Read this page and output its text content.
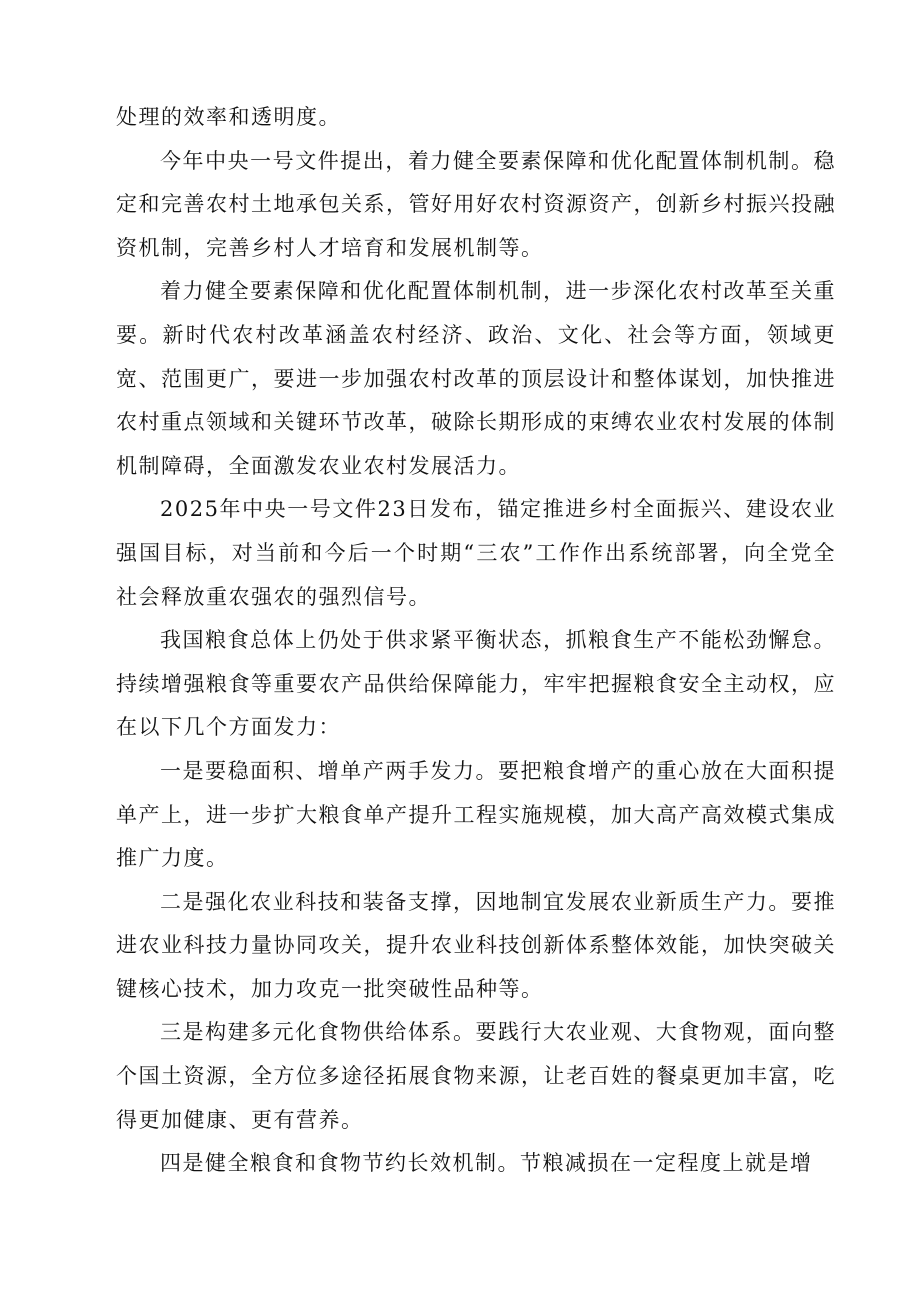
处理的效率和透明度。

今年中央一号文件提出，着力健全要素保障和优化配置体制机制。稳定和完善农村土地承包关系，管好用好农村资源资产，创新乡村振兴投融资机制，完善乡村人才培育和发展机制等。

着力健全要素保障和优化配置体制机制，进一步深化农村改革至关重要。新时代农村改革涵盖农村经济、政治、文化、社会等方面，领域更宽、范围更广，要进一步加强农村改革的顶层设计和整体谋划，加快推进农村重点领域和关键环节改革，破除长期形成的束缚农业农村发展的体制机制障碍，全面激发农业农村发展活力。

2025年中央一号文件23日发布，锚定推进乡村全面振兴、建设农业强国目标，对当前和今后一个时期“三农”工作作出系统部署，向全党全社会释放重农强农的强烈信号。

我国粮食总体上仍处于供求紧平衡状态，抓粮食生产不能松劲懈怠。持续增强粮食等重要农产品供给保障能力，牢牢把握粮食安全主动权，应在以下几个方面发力：

一是要稳面积、增单产两手发力。要把粮食增产的重心放在大面积提单产上，进一步扩大粮食单产提升工程实施规模，加大高产高效模式集成推广力度。

二是强化农业科技和装备支撑，因地制宜发展农业新质生产力。要推进农业科技力量协同攻关，提升农业科技创新体系整体效能，加快突破关键核心技术，加力攻克一批突破性品种等。

三是构建多元化食物供给体系。要践行大农业观、大食物观，面向整个国土资源，全方位多途径拓展食物来源，让老百姓的餐桌更加丰富，吃得更加健康、更有营养。

四是健全粮食和食物节约长效机制。节粮减损在一定程度上就是增
